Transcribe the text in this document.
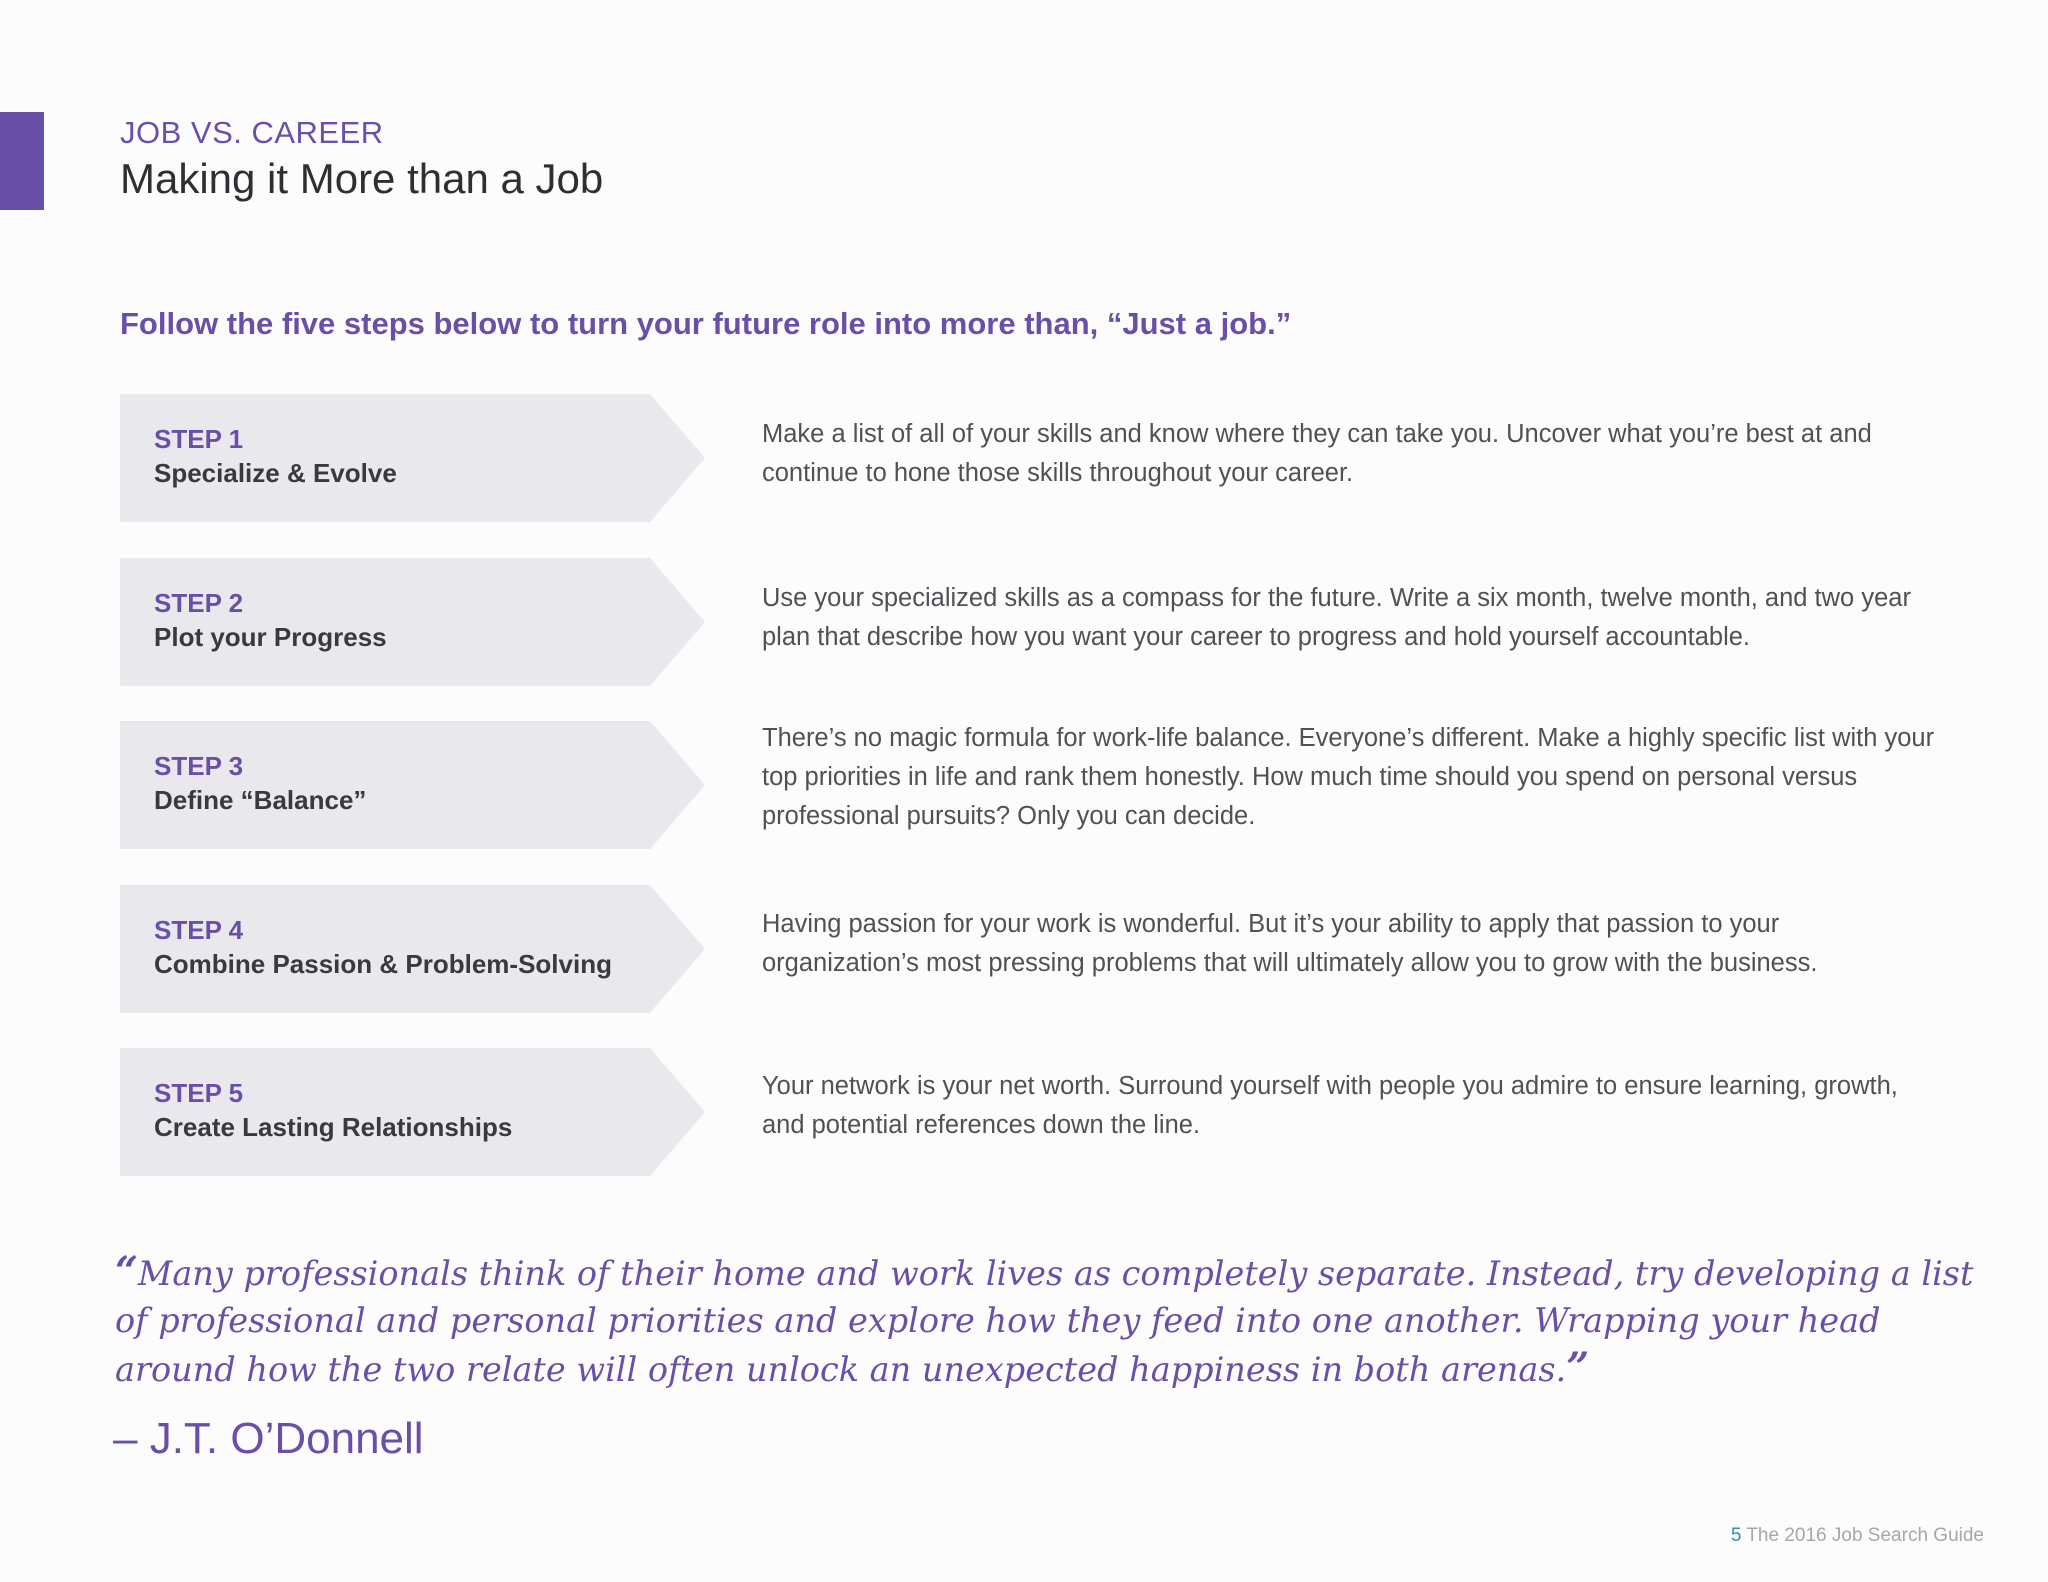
JOB VS. CAREER
Making it More than a Job
Follow the five steps below to turn your future role into more than, “Just a job.”
STEP 1
Specialize & Evolve
Make a list of all of your skills and know where they can take you. Uncover what you’re best at and continue to hone those skills throughout your career.
STEP 2
Plot your Progress
Use your specialized skills as a compass for the future. Write a six month, twelve month, and two year plan that describe how you want your career to progress and hold yourself accountable.
STEP 3
Define “Balance”
There’s no magic formula for work-life balance. Everyone’s different. Make a highly specific list with your top priorities in life and rank them honestly. How much time should you spend on personal versus professional pursuits? Only you can decide.
STEP 4
Combine Passion & Problem-Solving
Having passion for your work is wonderful. But it’s your ability to apply that passion to your organization’s most pressing problems that will ultimately allow you to grow with the business.
STEP 5
Create Lasting Relationships
Your network is your net worth. Surround yourself with people you admire to ensure learning, growth, and potential references down the line.
“Many professionals think of their home and work lives as completely separate. Instead, try developing a list of professional and personal priorities and explore how they feed into one another. Wrapping your head around how the two relate will often unlock an unexpected happiness in both arenas.”
– J.T. O’Donnell
5 The 2016 Job Search Guide
